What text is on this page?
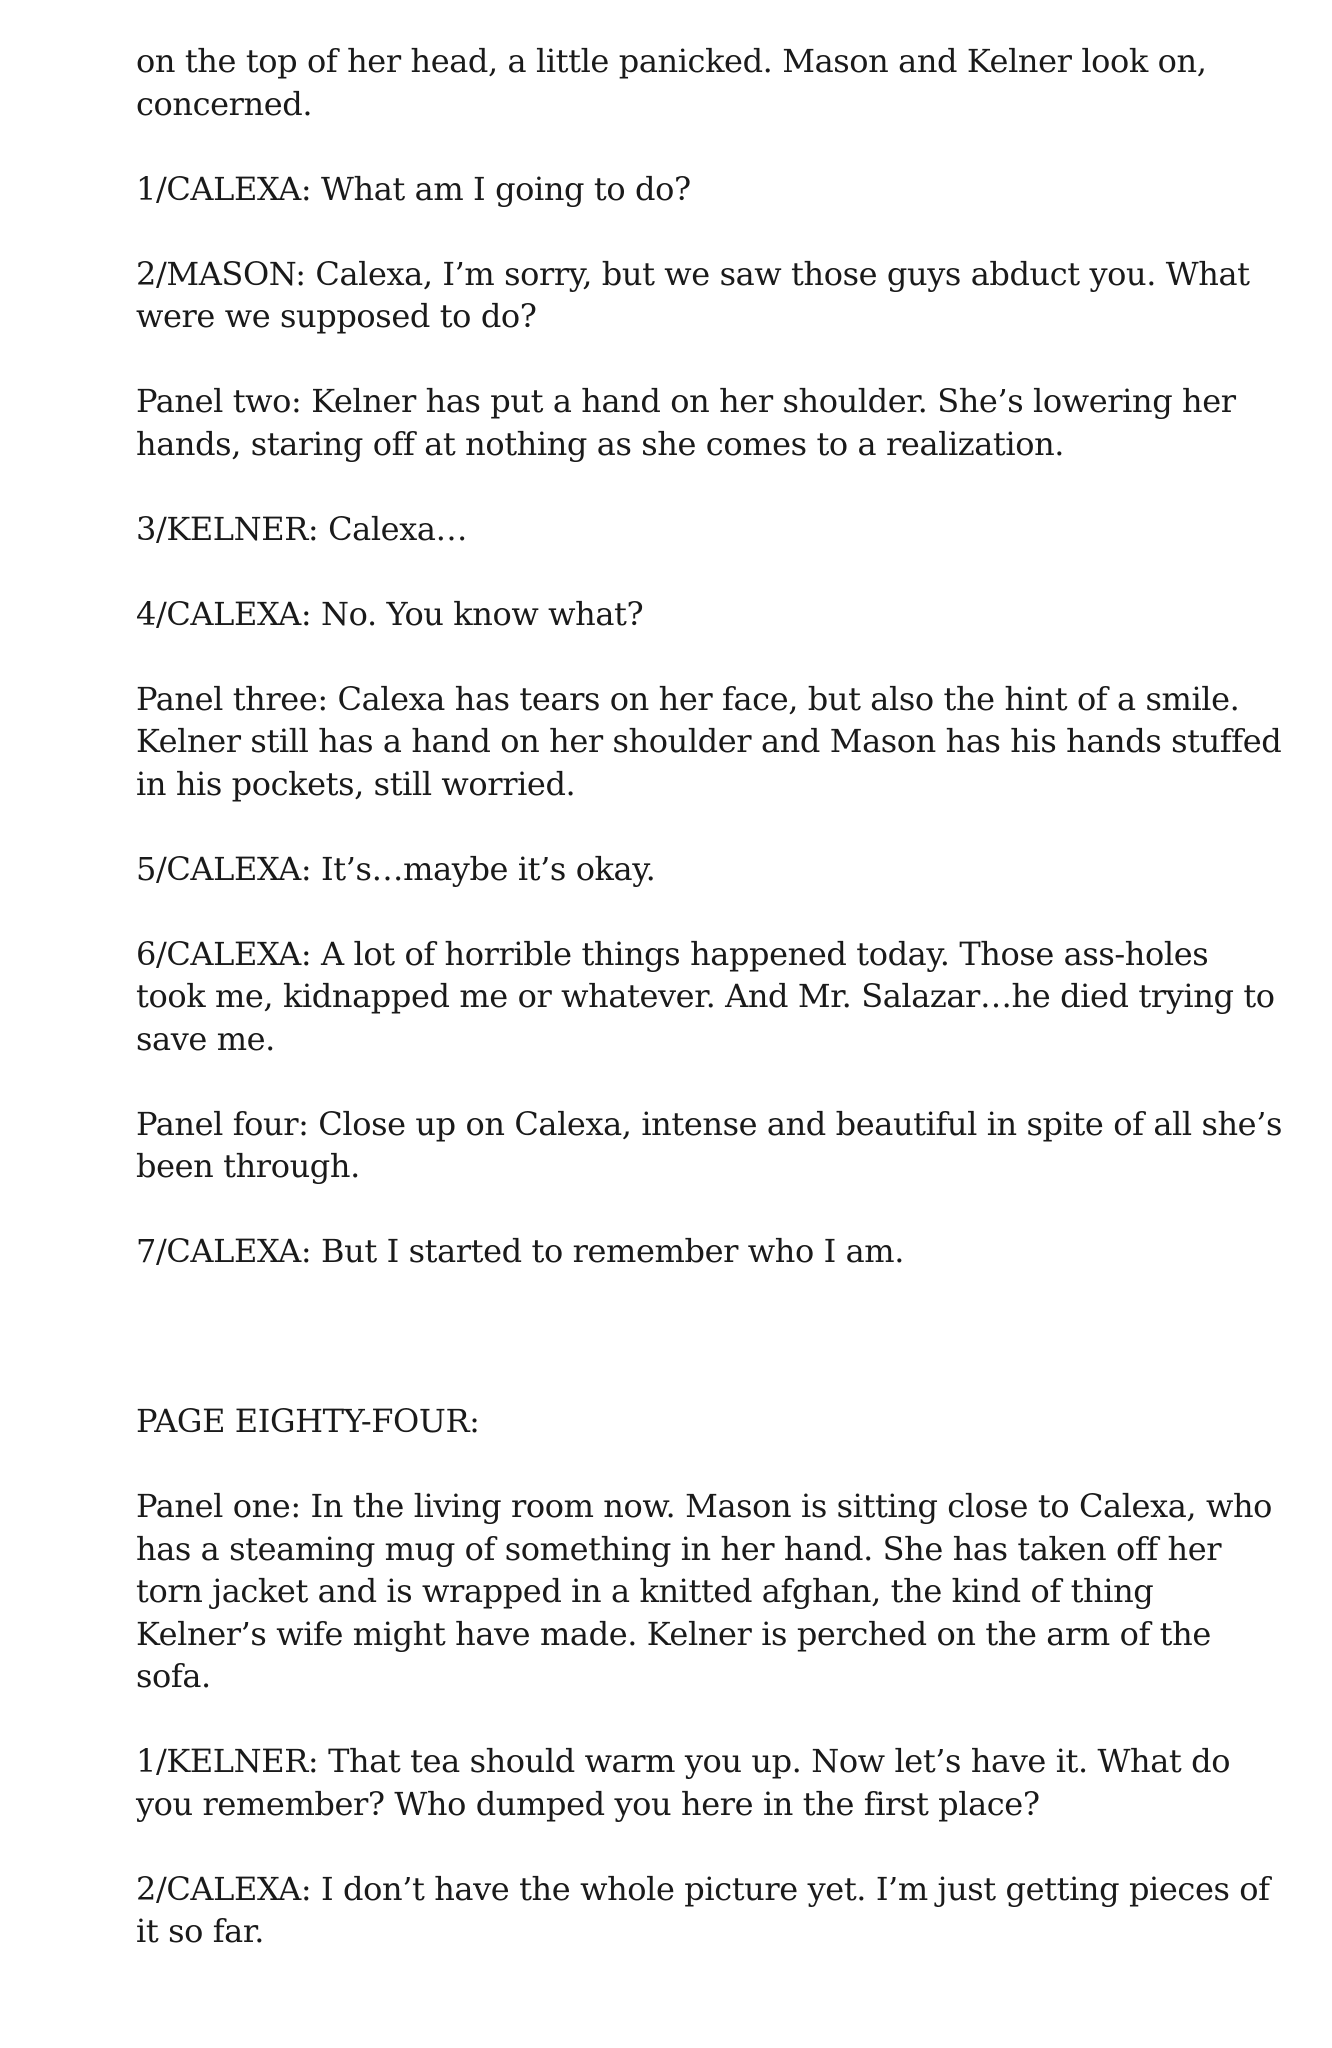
on the top of her head, a little panicked. Mason and Kelner look on, concerned.

1/CALEXA: What am I going to do?

2/MASON: Calexa, I’m sorry, but we saw those guys abduct you. What were we supposed to do?

Panel two: Kelner has put a hand on her shoulder. She’s lowering her hands, staring off at nothing as she comes to a realization.

3/KELNER: Calexa…

4/CALEXA: No. You know what?

Panel three: Calexa has tears on her face, but also the hint of a smile. Kelner still has a hand on her shoulder and Mason has his hands stuffed in his pockets, still worried.

5/CALEXA: It’s…maybe it’s okay.

6/CALEXA: A lot of horrible things happened today. Those ass-holes took me, kidnapped me or whatever. And Mr. Salazar…he died trying to save me.

Panel four: Close up on Calexa, intense and beautiful in spite of all she’s been through.

7/CALEXA: But I started to remember who I am.

PAGE EIGHTY-FOUR:

Panel one: In the living room now. Mason is sitting close to Calexa, who has a steaming mug of something in her hand. She has taken off her torn jacket and is wrapped in a knitted afghan, the kind of thing Kelner’s wife might have made. Kelner is perched on the arm of the sofa.

1/KELNER: That tea should warm you up. Now let’s have it. What do you remember? Who dumped you here in the first place?

2/CALEXA: I don’t have the whole picture yet. I’m just getting pieces of it so far.
